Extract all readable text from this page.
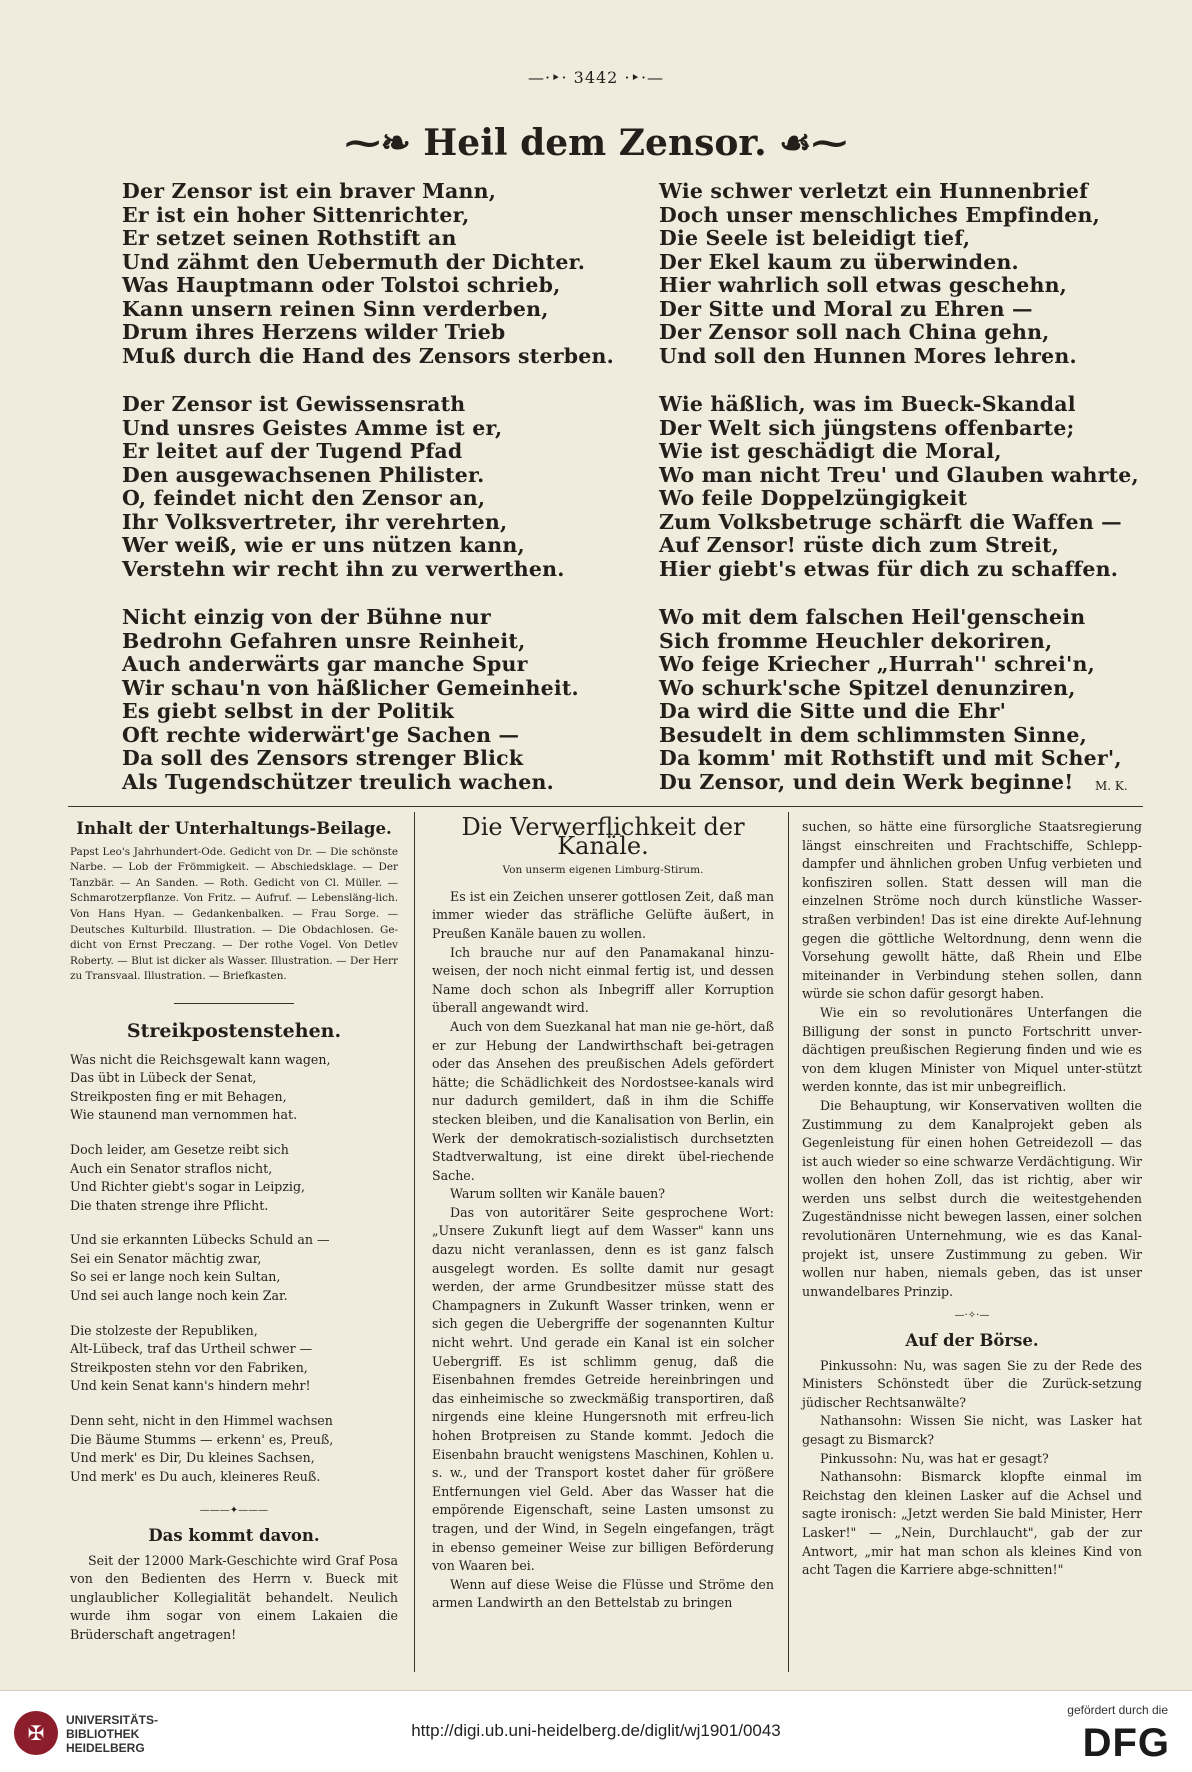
—·‣· 3442 ·‣·—
⁓❧ Heil dem Zensor. ☙⁓
Der Zensor ist ein braver Mann,
Er ist ein hoher Sittenrichter,
Er setzet seinen Rothstift an
Und zähmt den Uebermuth der Dichter.
Was Hauptmann oder Tolstoi schrieb,
Kann unsern reinen Sinn verderben,
Drum ihres Herzens wilder Trieb
Muß durch die Hand des Zensors sterben.
Der Zensor ist Gewissensrath
Und unsres Geistes Amme ist er,
Er leitet auf der Tugend Pfad
Den ausgewachsenen Philister.
O, feindet nicht den Zensor an,
Ihr Volksvertreter, ihr verehrten,
Wer weiß, wie er uns nützen kann,
Verstehn wir recht ihn zu verwerthen.
Nicht einzig von der Bühne nur
Bedrohn Gefahren unsre Reinheit,
Auch anderwärts gar manche Spur
Wir schau'n von häßlicher Gemeinheit.
Es giebt selbst in der Politik
Oft rechte widerwärt'ge Sachen —
Da soll des Zensors strenger Blick
Als Tugendschützer treulich wachen.
Wie schwer verletzt ein Hunnenbrief
Doch unser menschliches Empfinden,
Die Seele ist beleidigt tief,
Der Ekel kaum zu überwinden.
Hier wahrlich soll etwas geschehn,
Der Sitte und Moral zu Ehren —
Der Zensor soll nach China gehn,
Und soll den Hunnen Mores lehren.
Wie häßlich, was im Bueck-Skandal
Der Welt sich jüngstens offenbarte;
Wie ist geschädigt die Moral,
Wo man nicht Treu' und Glauben wahrte,
Wo feile Doppelzüngigkeit
Zum Volksbetruge schärft die Waffen —
Auf Zensor! rüste dich zum Streit,
Hier giebt's etwas für dich zu schaffen.
Wo mit dem falschen Heil'genschein
Sich fromme Heuchler dekoriren,
Wo feige Kriecher „Hurrah'' schrei'n,
Wo schurk'sche Spitzel denunziren,
Da wird die Sitte und die Ehr'
Besudelt in dem schlimmsten Sinne,
Da komm' mit Rothstift und mit Scher',
Du Zensor, und dein Werk beginne!	M. K.
Inhalt der Unterhaltungs-Beilage.
Papst Leo's Jahrhundert-Ode. Gedicht von Dr. — Die schönste Narbe. — Lob der Frömmigkeit. — Abschiedsklage. — Der Tanzbär. — An Sanden. — Roth. Gedicht von Cl. Müller. — Schmarotzerpflanze. Von Fritz. — Aufruf. — Lebensläng-lich. Von Hans Hyan. — Gedankenbalken. — Frau Sorge. — Deutsches Kulturbild. Illustration. — Die Obdachlosen. Ge-dicht von Ernst Preczang. — Der rothe Vogel. Von Detlev Roberty. — Blut ist dicker als Wasser. Illustration. — Der Herr zu Transvaal. Illustration. — Briefkasten.
Streikpostenstehen.
Was nicht die Reichsgewalt kann wagen,
Das übt in Lübeck der Senat,
Streikposten fing er mit Behagen,
Wie staunend man vernommen hat.
Doch leider, am Gesetze reibt sich
Auch ein Senator straflos nicht,
Und Richter giebt's sogar in Leipzig,
Die thaten strenge ihre Pflicht.
Und sie erkannten Lübecks Schuld an —
Sei ein Senator mächtig zwar,
So sei er lange noch kein Sultan,
Und sei auch lange noch kein Zar.
Die stolzeste der Republiken,
Alt-Lübeck, traf das Urtheil schwer —
Streikposten stehn vor den Fabriken,
Und kein Senat kann's hindern mehr!
Denn seht, nicht in den Himmel wachsen
Die Bäume Stumms — erkenn' es, Preuß,
Und merk' es Dir, Du kleines Sachsen,
Und merk' es Du auch, kleineres Reuß.
———✦———
Das kommt davon.

Seit der 12000 Mark-Geschichte wird Graf Posa von den Bedienten des Herrn v. Bueck mit unglaublicher Kollegialität behandelt. Neulich wurde ihm sogar von einem Lakaien die Brüderschaft angetragen!

Die Verwerflichkeit der Kanäle.
Von unserm eigenen Limburg-Stirum.

Es ist ein Zeichen unserer gottlosen Zeit, daß man immer wieder das sträfliche Gelüfte äußert, in Preußen Kanäle bauen zu wollen.

Ich brauche nur auf den Panamakanal hinzu-weisen, der noch nicht einmal fertig ist, und dessen Name doch schon als Inbegriff aller Korruption überall angewandt wird.

Auch von dem Suezkanal hat man nie ge-hört, daß er zur Hebung der Landwirthschaft bei-getragen oder das Ansehen des preußischen Adels gefördert hätte; die Schädlichkeit des Nordostsee-kanals wird nur dadurch gemildert, daß in ihm die Schiffe stecken bleiben, und die Kanalisation von Berlin, ein Werk der demokratisch-sozialistisch durchsetzten Stadtverwaltung, ist eine direkt übel-riechende Sache.

Warum sollten wir Kanäle bauen?

Das von autoritärer Seite gesprochene Wort: „Unsere Zukunft liegt auf dem Wasser" kann uns dazu nicht veranlassen, denn es ist ganz falsch ausgelegt worden. Es sollte damit nur gesagt werden, der arme Grundbesitzer müsse statt des Champagners in Zukunft Wasser trinken, wenn er sich gegen die Uebergriffe der sogenannten Kultur nicht wehrt. Und gerade ein Kanal ist ein solcher Uebergriff. Es ist schlimm genug, daß die Eisenbahnen fremdes Getreide hereinbringen und das einheimische so zweckmäßig transportiren, daß nirgends eine kleine Hungersnoth mit erfreu-lich hohen Brotpreisen zu Stande kommt. Jedoch die Eisenbahn braucht wenigstens Maschinen, Kohlen u. s. w., und der Transport kostet daher für größere Entfernungen viel Geld. Aber das Wasser hat die empörende Eigenschaft, seine Lasten umsonst zu tragen, und der Wind, in Segeln eingefangen, trägt in ebenso gemeiner Weise zur billigen Beförderung von Waaren bei.

Wenn auf diese Weise die Flüsse und Ströme den armen Landwirth an den Bettelstab zu bringen

suchen, so hätte eine fürsorgliche Staatsregierung längst einschreiten und Frachtschiffe, Schlepp-dampfer und ähnlichen groben Unfug verbieten und konfisziren sollen. Statt dessen will man die einzelnen Ströme noch durch künstliche Wasser-straßen verbinden! Das ist eine direkte Auf-lehnung gegen die göttliche Weltordnung, denn wenn die Vorsehung gewollt hätte, daß Rhein und Elbe miteinander in Verbindung stehen sollen, dann würde sie schon dafür gesorgt haben.

Wie ein so revolutionäres Unterfangen die Billigung der sonst in puncto Fortschritt unver-dächtigen preußischen Regierung finden und wie es von dem klugen Minister von Miquel unter-stützt werden konnte, das ist mir unbegreiflich.

Die Behauptung, wir Konservativen wollten die Zustimmung zu dem Kanalprojekt geben als Gegenleistung für einen hohen Getreidezoll — das ist auch wieder so eine schwarze Verdächtigung. Wir wollen den hohen Zoll, das ist richtig, aber wir werden uns selbst durch die weitestgehenden Zugeständnisse nicht bewegen lassen, einer solchen revolutionären Unternehmung, wie es das Kanal-projekt ist, unsere Zustimmung zu geben. Wir wollen nur haben, niemals geben, das ist unser unwandelbares Prinzip.

—·✧·—
Auf der Börse.

Pinkussohn: Nu, was sagen Sie zu der Rede des Ministers Schönstedt über die Zurück-setzung jüdischer Rechtsanwälte?

Nathansohn: Wissen Sie nicht, was Lasker hat gesagt zu Bismarck?

Pinkussohn: Nu, was hat er gesagt?

Nathansohn: Bismarck klopfte einmal im Reichstag den kleinen Lasker auf die Achsel und sagte ironisch: „Jetzt werden Sie bald Minister, Herr Lasker!" — „Nein, Durchlaucht", gab der zur Antwort, „mir hat man schon als kleines Kind von acht Tagen die Karriere abge-schnitten!"

✠
UNIVERSITÄTS-
BIBLIOTHEK
HEIDELBERG
http://digi.ub.uni-heidelberg.de/diglit/wj1901/0043
gefördert durch die
DFG
